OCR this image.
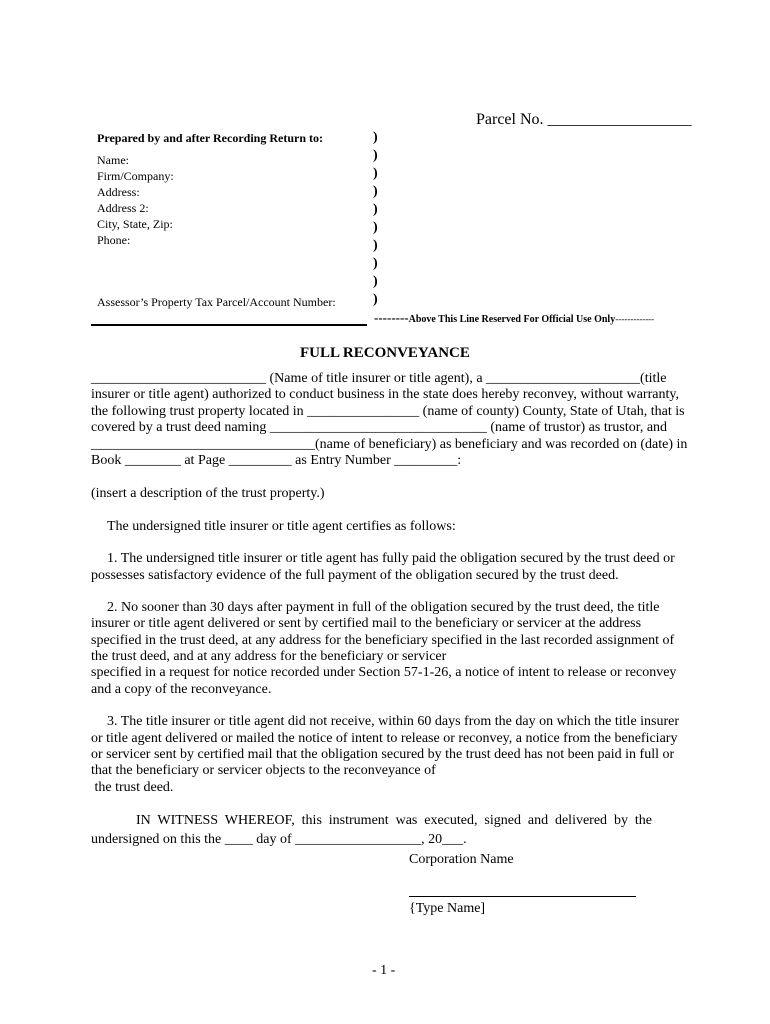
Parcel No. __________________
Prepared by and after Recording Return to:
Name:
Firm/Company:
Address:
Address 2:
City, State, Zip:
Phone:
Assessor’s Property Tax Parcel/Account Number:
)
)
)
)
)
)
)
)
)
)
--------Above This Line Reserved For Official Use Only-------------
FULL RECONVEYANCE
_________________________ (Name of title insurer or title agent), a ______________________(title
insurer or title agent) authorized to conduct business in the state does hereby reconvey, without warranty,
the following trust property located in ________________ (name of county) County, State of Utah, that is
covered by a trust deed naming _______________________________ (name of trustor) as trustor, and
________________________________(name of beneficiary) as beneficiary and was recorded on (date) in
Book ________ at Page _________ as Entry Number _________:
(insert a description of the trust property.)
The undersigned title insurer or title agent certifies as follows:
1. The undersigned title insurer or title agent has fully paid the obligation secured by the trust deed or
possesses satisfactory evidence of the full payment of the obligation secured by the trust deed.
2. No sooner than 30 days after payment in full of the obligation secured by the trust deed, the title
insurer or title agent delivered or sent by certified mail to the beneficiary or servicer at the address
specified in the trust deed, at any address for the beneficiary specified in the last recorded assignment of
the trust deed, and at any address for the beneficiary or servicer
specified in a request for notice recorded under Section 57-1-26, a notice of intent to release or reconvey
and a copy of the reconveyance.
3. The title insurer or title agent did not receive, within 60 days from the day on which the title insurer
or title agent delivered or mailed the notice of intent to release or reconvey, a notice from the beneficiary
or servicer sent by certified mail that the obligation secured by the trust deed has not been paid in full or
that the beneficiary or servicer objects to the reconveyance of
the trust deed.
IN WITNESS WHEREOF, this instrument was executed, signed and delivered by the
undersigned on this the ____ day of __________________, 20___.
Corporation Name
{Type Name]
- 1 -
